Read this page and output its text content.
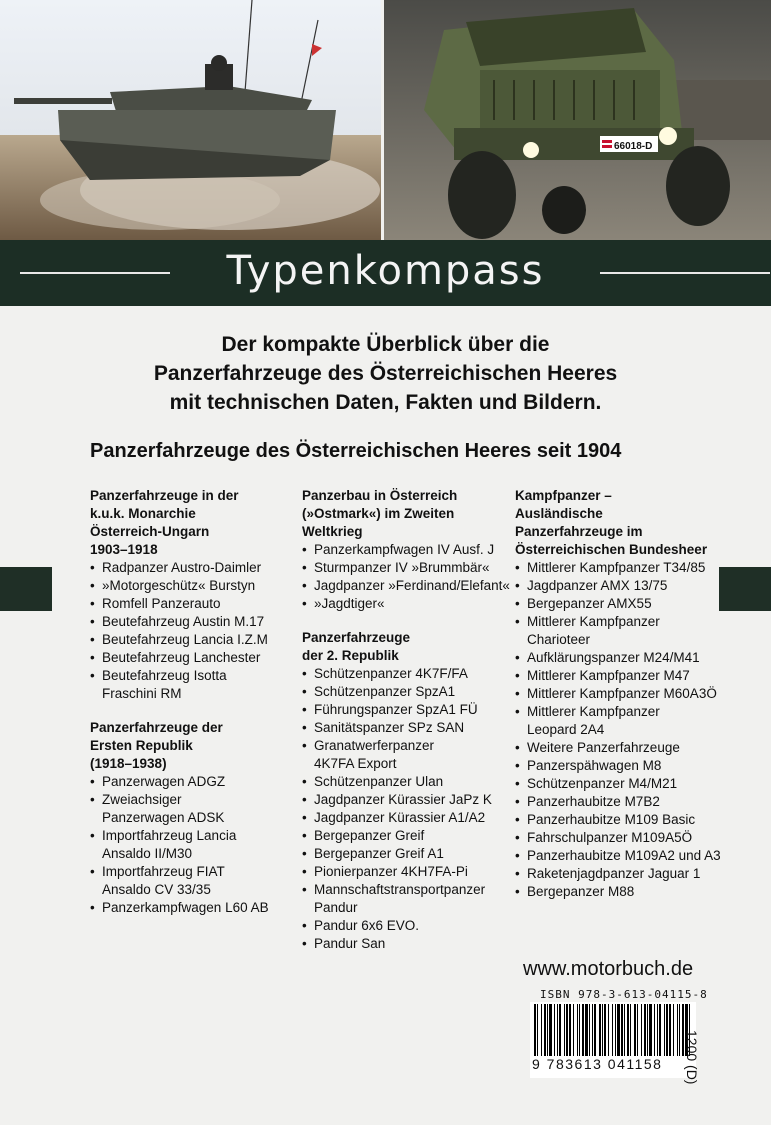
66018-D
Typenkompass
Der kompakte Überblick über die
Panzerfahrzeuge des Österreichischen Heeres
mit technischen Daten, Fakten und Bildern.
Panzerfahrzeuge des Österreichischen Heeres seit 1904
Panzerfahrzeuge in der
k.u.k. Monarchie
Österreich-Ungarn
1903–1918
• Radpanzer Austro-Daimler
• »Motorgeschütz« Burstyn
• Romfell Panzerauto
• Beutefahrzeug Austin M.17
• Beutefahrzeug Lancia I.Z.M
• Beutefahrzeug Lanchester
• Beutefahrzeug Isotta
Fraschini RM
Panzerfahrzeuge der
Ersten Republik
(1918–1938)
• Panzerwagen ADGZ
• Zweiachsiger
Panzerwagen ADSK
• Importfahrzeug Lancia
Ansaldo II/M30
• Importfahrzeug FIAT
Ansaldo CV 33/35
• Panzerkampfwagen L60 AB
Panzerbau in Österreich
(»Ostmark«) im Zweiten
Weltkrieg
• Panzerkampfwagen IV Ausf. J
• Sturmpanzer IV »Brummbär«
• Jagdpanzer »Ferdinand/Elefant«
• »Jagdtiger«
Panzerfahrzeuge
der 2. Republik
• Schützenpanzer 4K7F/FA
• Schützenpanzer SpzA1
• Führungspanzer SpzA1 FÜ
• Sanitätspanzer SPz SAN
• Granatwerferpanzer
4K7FA Export
• Schützenpanzer Ulan
• Jagdpanzer Kürassier JaPz K
• Jagdpanzer Kürassier A1/A2
• Bergepanzer Greif
• Bergepanzer Greif A1
• Pionierpanzer 4KH7FA-Pi
• Mannschaftstransportpanzer
Pandur
• Pandur 6x6 EVO.
• Pandur San
Kampfpanzer –
Ausländische
Panzerfahrzeuge im
Österreichischen Bundesheer
• Mittlerer Kampfpanzer T34/85
• Jagdpanzer AMX 13/75
• Bergepanzer AMX55
• Mittlerer Kampfpanzer
Charioteer
• Aufklärungspanzer M24/M41
• Mittlerer Kampfpanzer M47
• Mittlerer Kampfpanzer M60A3Ö
• Mittlerer Kampfpanzer
Leopard 2A4
• Weitere Panzerfahrzeuge
• Panzerspähwagen M8
• Schützenpanzer M4/M21
• Panzerhaubitze M7B2
• Panzerhaubitze M109 Basic
• Fahrschulpanzer M109A5Ö
• Panzerhaubitze M109A2 und A3
• Raketenjagdpanzer Jaguar 1
• Bergepanzer M88
www.motorbuch.de
ISBN 978-3-613-04115-8
9 783613 041158 1200 (D)
